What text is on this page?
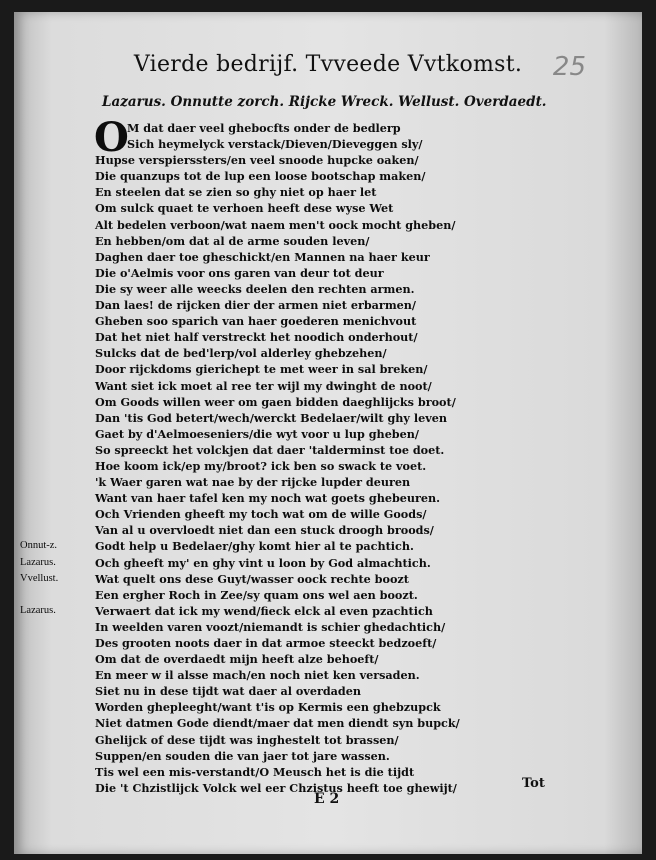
25
Vierde bedrijf. Tvveede Vvtkomst.
Lazarus. Onnutte zorch. Rijcke Wreck. Wellust. Overdaedt.
O
M dat daer veel ghebocfts onder de bedlerp
Sich heymelyck verstack/Dieven/Dieveggen sly/
Hupse verspierssters/en veel snoode hupcke oaken/
Die quanzups tot de lup een loose bootschap maken/
En steelen dat se zien so ghy niet op haer let
Om sulck quaet te verhoen heeft dese wyse Wet
Alt bedelen verboon/wat naem men't oock mocht gheben/
En hebben/om dat al de arme souden leven/
Daghen daer toe gheschickt/en Mannen na haer keur
Die o'Aelmis voor ons garen van deur tot deur
Die sy weer alle weecks deelen den rechten armen.
Dan laes! de rijcken dier der armen niet erbarmen/
Gheben soo sparich van haer goederen menichvout
Dat het niet half verstreckt het noodich onderhout/
Sulcks dat de bed'lerp/vol alderley ghebzehen/
Door rijckdoms gierichept te met weer in sal breken/
Want siet ick moet al ree ter wijl my dwinght de noot/
Om Goods willen weer om gaen bidden daeghlijcks broot/
Dan 'tis God betert/wech/werckt Bedelaer/wilt ghy leven
Gaet by d'Aelmoeseniers/die wyt voor u lup gheben/
So spreeckt het volckjen dat daer 'talderminst toe doet.
Hoe koom ick/ep my/broot? ick ben so swack te voet.
'k Waer garen wat nae by der rijcke lupder deuren
Want van haer tafel ken my noch wat goets ghebeuren.
Och Vrienden gheeft my toch wat om de wille Goods/
Van al u overvloedt niet dan een stuck droogh broods/
Onnut-z.	Godt help u Bedelaer/ghy komt hier al te pachtich.
Lazarus.	Och gheeft my' en ghy vint u loon by God almachtich.
Vvellust.	Wat quelt ons dese Guyt/wasser oock rechte boozt
Een ergher Roch in Zee/sy quam ons wel aen boozt.
Lazarus.	Verwaert dat ick my wend/fieck elck al even pzachtich
In weelden varen voozt/niemandt is schier ghedachtich/
Des grooten noots daer in dat armoe steeckt bedzoeft/
Om dat de overdaedt mijn heeft alze behoeft/
En meer w il alsse mach/en noch niet ken versaden.
Siet nu in dese tijdt wat daer al overdaden
Worden ghepleeght/want t'is op Kermis een ghebzupck
Niet datmen Gode diendt/maer dat men diendt syn bupck/
Ghelijck of dese tijdt was inghestelt tot brassen/
Suppen/en souden die van jaer tot jare wassen.
Tis wel een mis-verstandt/O Meusch het is die tijdt
Die 't Chzistlijck Volck wel eer Chzistus heeft toe ghewijt/
E 2
Tot
